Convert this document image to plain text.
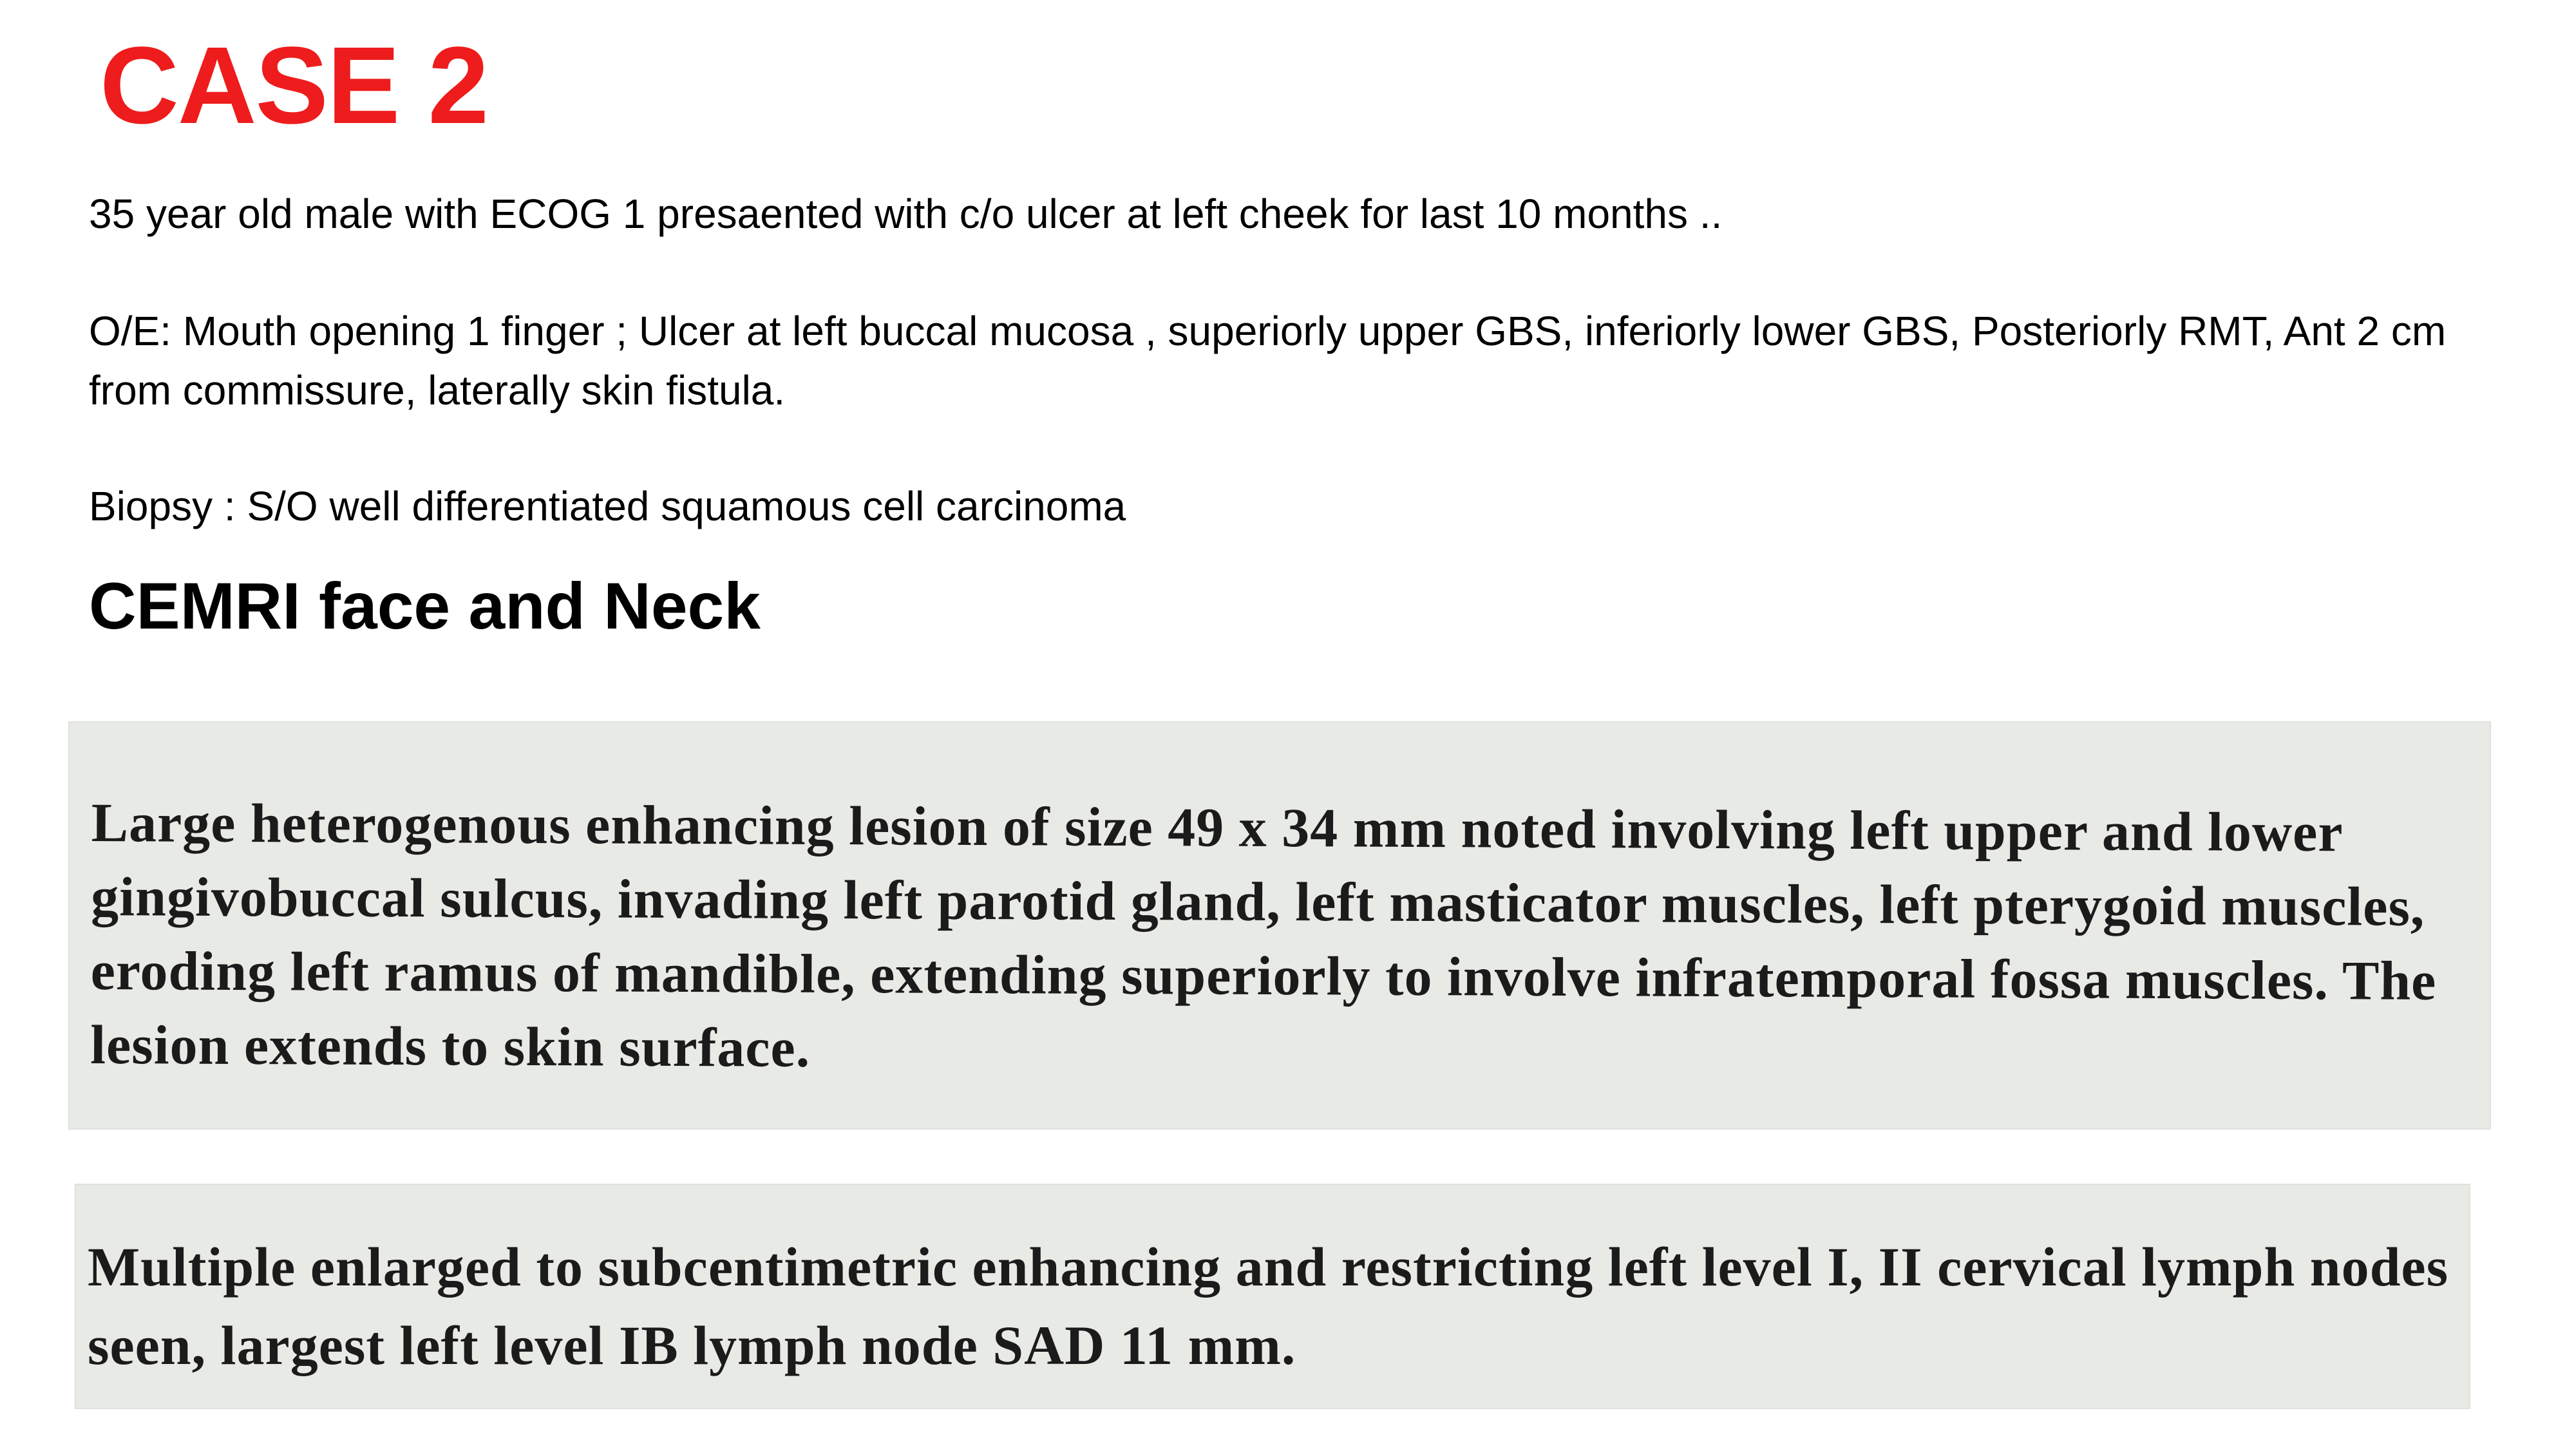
CASE 2

35 year old male with ECOG 1 presaented with c/o ulcer at left cheek for last 10 months ..

O/E: Mouth opening 1 finger ; Ulcer at left buccal mucosa , superiorly upper GBS, inferiorly lower GBS, Posteriorly RMT, Ant 2 cm from commissure, laterally skin fistula.

Biopsy : S/O well differentiated squamous cell carcinoma

CEMRI face and Neck

Large heterogenous enhancing lesion of size 49 x 34 mm noted involving left upper and lower gingivobuccal sulcus, invading left parotid gland, left masticator muscles, left pterygoid muscles, eroding left ramus of mandible, extending superiorly to involve infratemporal fossa muscles. The lesion extends to skin surface.

Multiple enlarged to subcentimetric enhancing and restricting left level I, II cervical lymph nodes seen, largest left level IB lymph node SAD 11 mm.
